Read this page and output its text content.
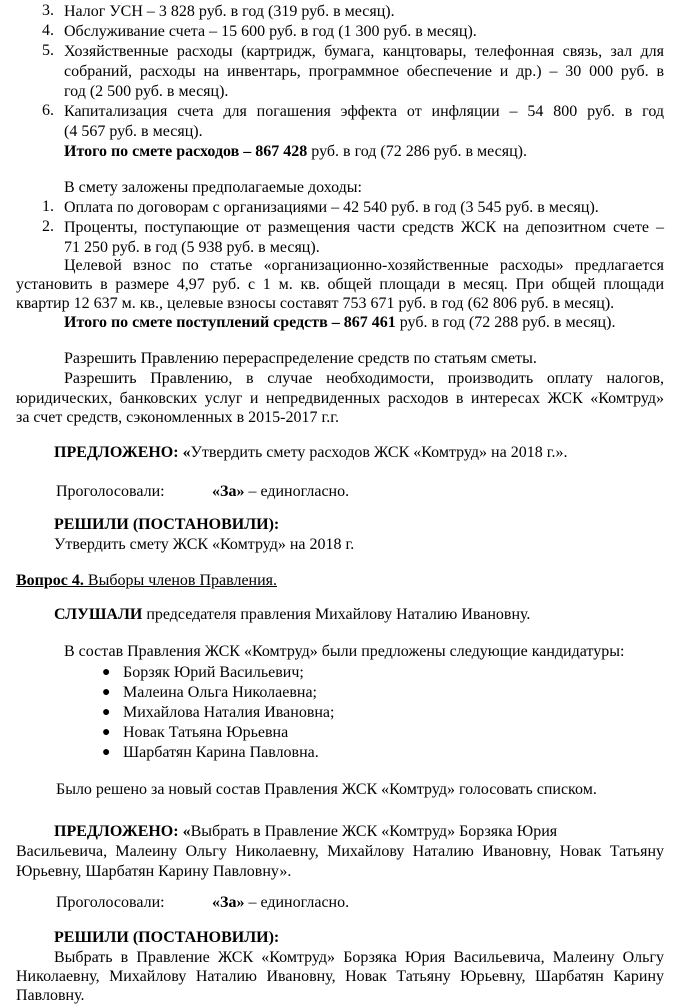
3. Налог УСН – 3 828 руб. в год (319 руб. в месяц).
4. Обслуживание счета – 15 600 руб. в год (1 300 руб. в месяц).
5. Хозяйственные расходы (картридж, бумага, канцтовары, телефонная связь, зал для
собраний, расходы на инвентарь, программное обеспечение и др.) – 30 000 руб. в
год (2 500 руб. в месяц).
6. Капитализация счета для погашения эффекта от инфляции – 54 800 руб. в год
(4 567 руб. в месяц).
Итого по смете расходов – 867 428 руб. в год (72 286 руб. в месяц).
В смету заложены предполагаемые доходы:
1. Оплата по договорам с организациями – 42 540 руб. в год (3 545 руб. в месяц).
2. Проценты, поступающие от размещения части средств ЖСК на депозитном счете –
71 250 руб. в год (5 938 руб. в месяц).
Целевой взнос по статье «организационно-хозяйственные расходы» предлагается
установить в размере 4,97 руб. с 1 м. кв. общей площади в месяц. При общей площади
квартир 12 637 м. кв., целевые взносы составят 753 671 руб. в год (62 806 руб. в месяц).
Итого по смете поступлений средств – 867 461 руб. в год (72 288 руб. в месяц).
Разрешить Правлению перераспределение средств по статьям сметы.
Разрешить Правлению, в случае необходимости, производить оплату налогов,
юридических, банковских услуг и непредвиденных расходов в интересах ЖСК «Комтруд»
за счет средств, сэкономленных в 2015-2017 г.г.
ПРЕДЛОЖЕНО: «Утвердить смету расходов ЖСК «Комтруд» на 2018 г.».
Проголосовали:	«За» – единогласно.
РЕШИЛИ (ПОСТАНОВИЛИ):
Утвердить смету ЖСК «Комтруд» на 2018 г.
Вопрос 4. Выборы членов Правления.
СЛУШАЛИ председателя правления Михайлову Наталию Ивановну.
В состав Правления ЖСК «Комтруд» были предложены следующие кандидатуры:
● Борзяк Юрий Васильевич;
● Малеина Ольга Николаевна;
● Михайлова Наталия Ивановна;
● Новак Татьяна Юрьевна
● Шарбатян Карина Павловна.
Было решено за новый состав Правления ЖСК «Комтруд» голосовать списком.
ПРЕДЛОЖЕНО: «Выбрать в Правление ЖСК «Комтруд» Борзяка Юрия
Васильевича, Малеину Ольгу Николаевну, Михайлову Наталию Ивановну, Новак Татьяну
Юрьевну, Шарбатян Карину Павловну».
Проголосовали:	«За» – единогласно.
РЕШИЛИ (ПОСТАНОВИЛИ):
Выбрать в Правление ЖСК «Комтруд» Борзяка Юрия Васильевича, Малеину Ольгу
Николаевну, Михайлову Наталию Ивановну, Новак Татьяну Юрьевну, Шарбатян Карину
Павловну.
